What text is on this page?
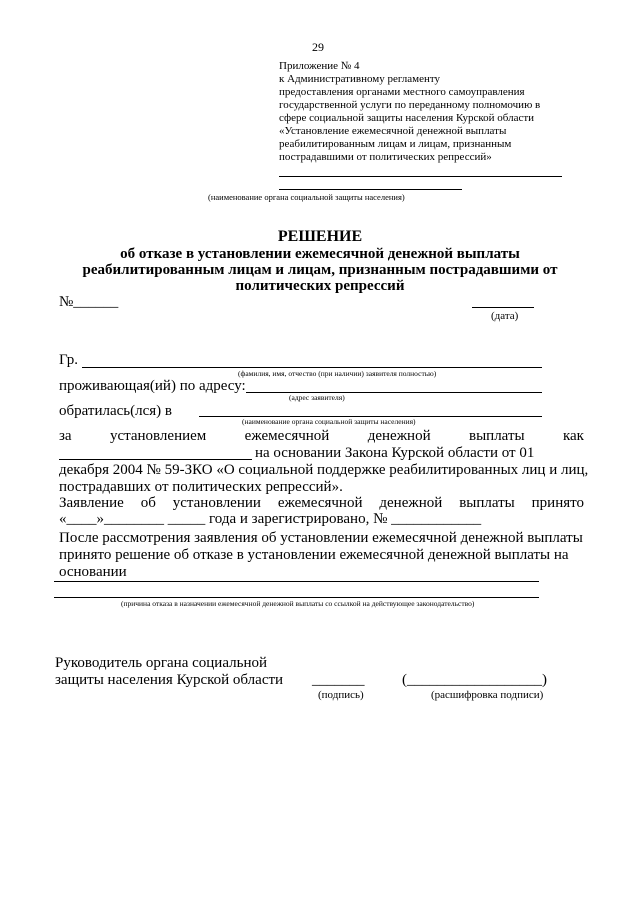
29
Приложение № 4
к Административному регламенту
предоставления органами местного самоуправления
государственной услуги по переданному полномочию в
сфере социальной защиты населения Курской области
«Установление ежемесячной денежной выплаты
реабилитированным лицам и лицам, признанным
пострадавшими от политических репрессий»
(наименование органа социальной защиты населения)
РЕШЕНИЕ
об отказе в установлении ежемесячной денежной выплаты
реабилитированным лицам и лицам, признанным пострадавшими от
политических репрессий
№______
(дата)
Гр.
(фамилия, имя, отчество (при наличии) заявителя полностью)
проживающая(ий) по адресу:
(адрес заявителя)
обратилась(лся) в
(наименование органа социальной защиты населения)
за	установлением	ежемесячной	денежной	выплаты	как
на основании Закона Курской области от 01
декабря 2004 № 59-ЗКО «О социальной поддержке реабилитированных лиц и лиц,
пострадавших от политических репрессий».
Заявление об установлении ежемесячной денежной выплаты принято
«____»________ _____ года и зарегистрировано, № ____________
После рассмотрения заявления об установлении ежемесячной денежной выплаты
принято решение об отказе в установлении ежемесячной денежной выплаты на
основании
(причина отказа в назначении ежемесячной денежной выплаты со ссылкой на действующее законодательство)
Руководитель органа социальной
защиты населения Курской области _______	(__________________)
(подпись)	(расшифровка подписи)
